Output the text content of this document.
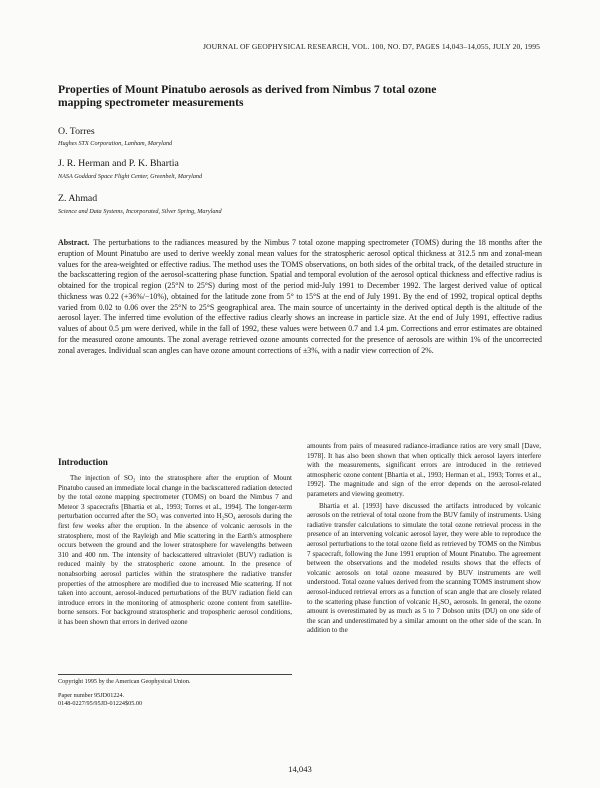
JOURNAL OF GEOPHYSICAL RESEARCH, VOL. 100, NO. D7, PAGES 14,043–14,055, JULY 20, 1995
Properties of Mount Pinatubo aerosols as derived from Nimbus 7 total ozone mapping spectrometer measurements
O. Torres
Hughes STX Corporation, Lanham, Maryland
J. R. Herman and P. K. Bhartia
NASA Goddard Space Flight Center, Greenbelt, Maryland
Z. Ahmad
Science and Data Systems, Incorporated, Silver Spring, Maryland
Abstract. The perturbations to the radiances measured by the Nimbus 7 total ozone mapping spectrometer (TOMS) during the 18 months after the eruption of Mount Pinatubo are used to derive weekly zonal mean values for the stratospheric aerosol optical thickness at 312.5 nm and zonal-mean values for the area-weighted or effective radius. The method uses the TOMS observations, on both sides of the orbital track, of the detailed structure in the backscattering region of the aerosol-scattering phase function. Spatial and temporal evolution of the aerosol optical thickness and effective radius is obtained for the tropical region (25°N to 25°S) during most of the period mid-July 1991 to December 1992. The largest derived value of optical thickness was 0.22 (+36%/−10%), obtained for the latitude zone from 5° to 15°S at the end of July 1991. By the end of 1992, tropical optical depths varied from 0.02 to 0.06 over the 25°N to 25°S geographical area. The main source of uncertainty in the derived optical depth is the altitude of the aerosol layer. The inferred time evolution of the effective radius clearly shows an increase in particle size. At the end of July 1991, effective radius values of about 0.5 µm were derived, while in the fall of 1992, these values were between 0.7 and 1.4 µm. Corrections and error estimates are obtained for the measured ozone amounts. The zonal average retrieved ozone amounts corrected for the presence of aerosols are within 1% of the uncorrected zonal averages. Individual scan angles can have ozone amount corrections of ±3%, with a nadir view correction of 2%.
Introduction

The injection of SO₂ into the stratosphere after the eruption of Mount Pinatubo caused an immediate local change in the backscattered radiation detected by the total ozone mapping spectrometer (TOMS) on board the Nimbus 7 and Meteor 3 spacecrafts [Bhartia et al., 1993; Torres et al., 1994]. The longer-term perturbation occurred after the SO₂ was converted into H₂SO₄ aerosols during the first few weeks after the eruption. In the absence of volcanic aerosols in the stratosphere, most of the Rayleigh and Mie scattering in the Earth's atmosphere occurs between the ground and the lower stratosphere for wavelengths between 310 and 400 nm. The intensity of backscattered ultraviolet (BUV) radiation is reduced mainly by the stratospheric ozone amount. In the presence of nonabsorbing aerosol particles within the stratosphere the radiative transfer properties of the atmosphere are modified due to increased Mie scattering. If not taken into account, aerosol-induced perturbations of the BUV radiation field can introduce errors in the monitoring of atmospheric ozone content from satellite-borne sensors. For background stratospheric and tropospheric aerosol conditions, it has been shown that errors in derived ozone

amounts from pairs of measured radiance-irradiance ratios are very small [Dave, 1978]. It has also been shown that when optically thick aerosol layers interfere with the measurements, significant errors are introduced in the retrieved atmospheric ozone content [Bhartia et al., 1993; Herman et al., 1993; Torres et al., 1992]. The magnitude and sign of the error depends on the aerosol-related parameters and viewing geometry.

Bhartia et al. [1993] have discussed the artifacts introduced by volcanic aerosols on the retrieval of total ozone from the BUV family of instruments. Using radiative transfer calculations to simulate the total ozone retrieval process in the presence of an intervening volcanic aerosol layer, they were able to reproduce the aerosol perturbations to the total ozone field as retrieved by TOMS on the Nimbus 7 spacecraft, following the June 1991 eruption of Mount Pinatubo. The agreement between the observations and the modeled results shows that the effects of volcanic aerosols on total ozone measured by BUV instruments are well understood. Total ozone values derived from the scanning TOMS instrument show aerosol-induced retrieval errors as a function of scan angle that are closely related to the scattering phase function of volcanic H₂SO₄ aerosols. In general, the ozone amount is overestimated by as much as 5 to 7 Dobson units (DU) on one side of the scan and underestimated by a similar amount on the other side of the scan. In addition to the

Copyright 1995 by the American Geophysical Union.
Paper number 95JD01224.
0148-0227/95/95JD-01224$05.00
14,043
